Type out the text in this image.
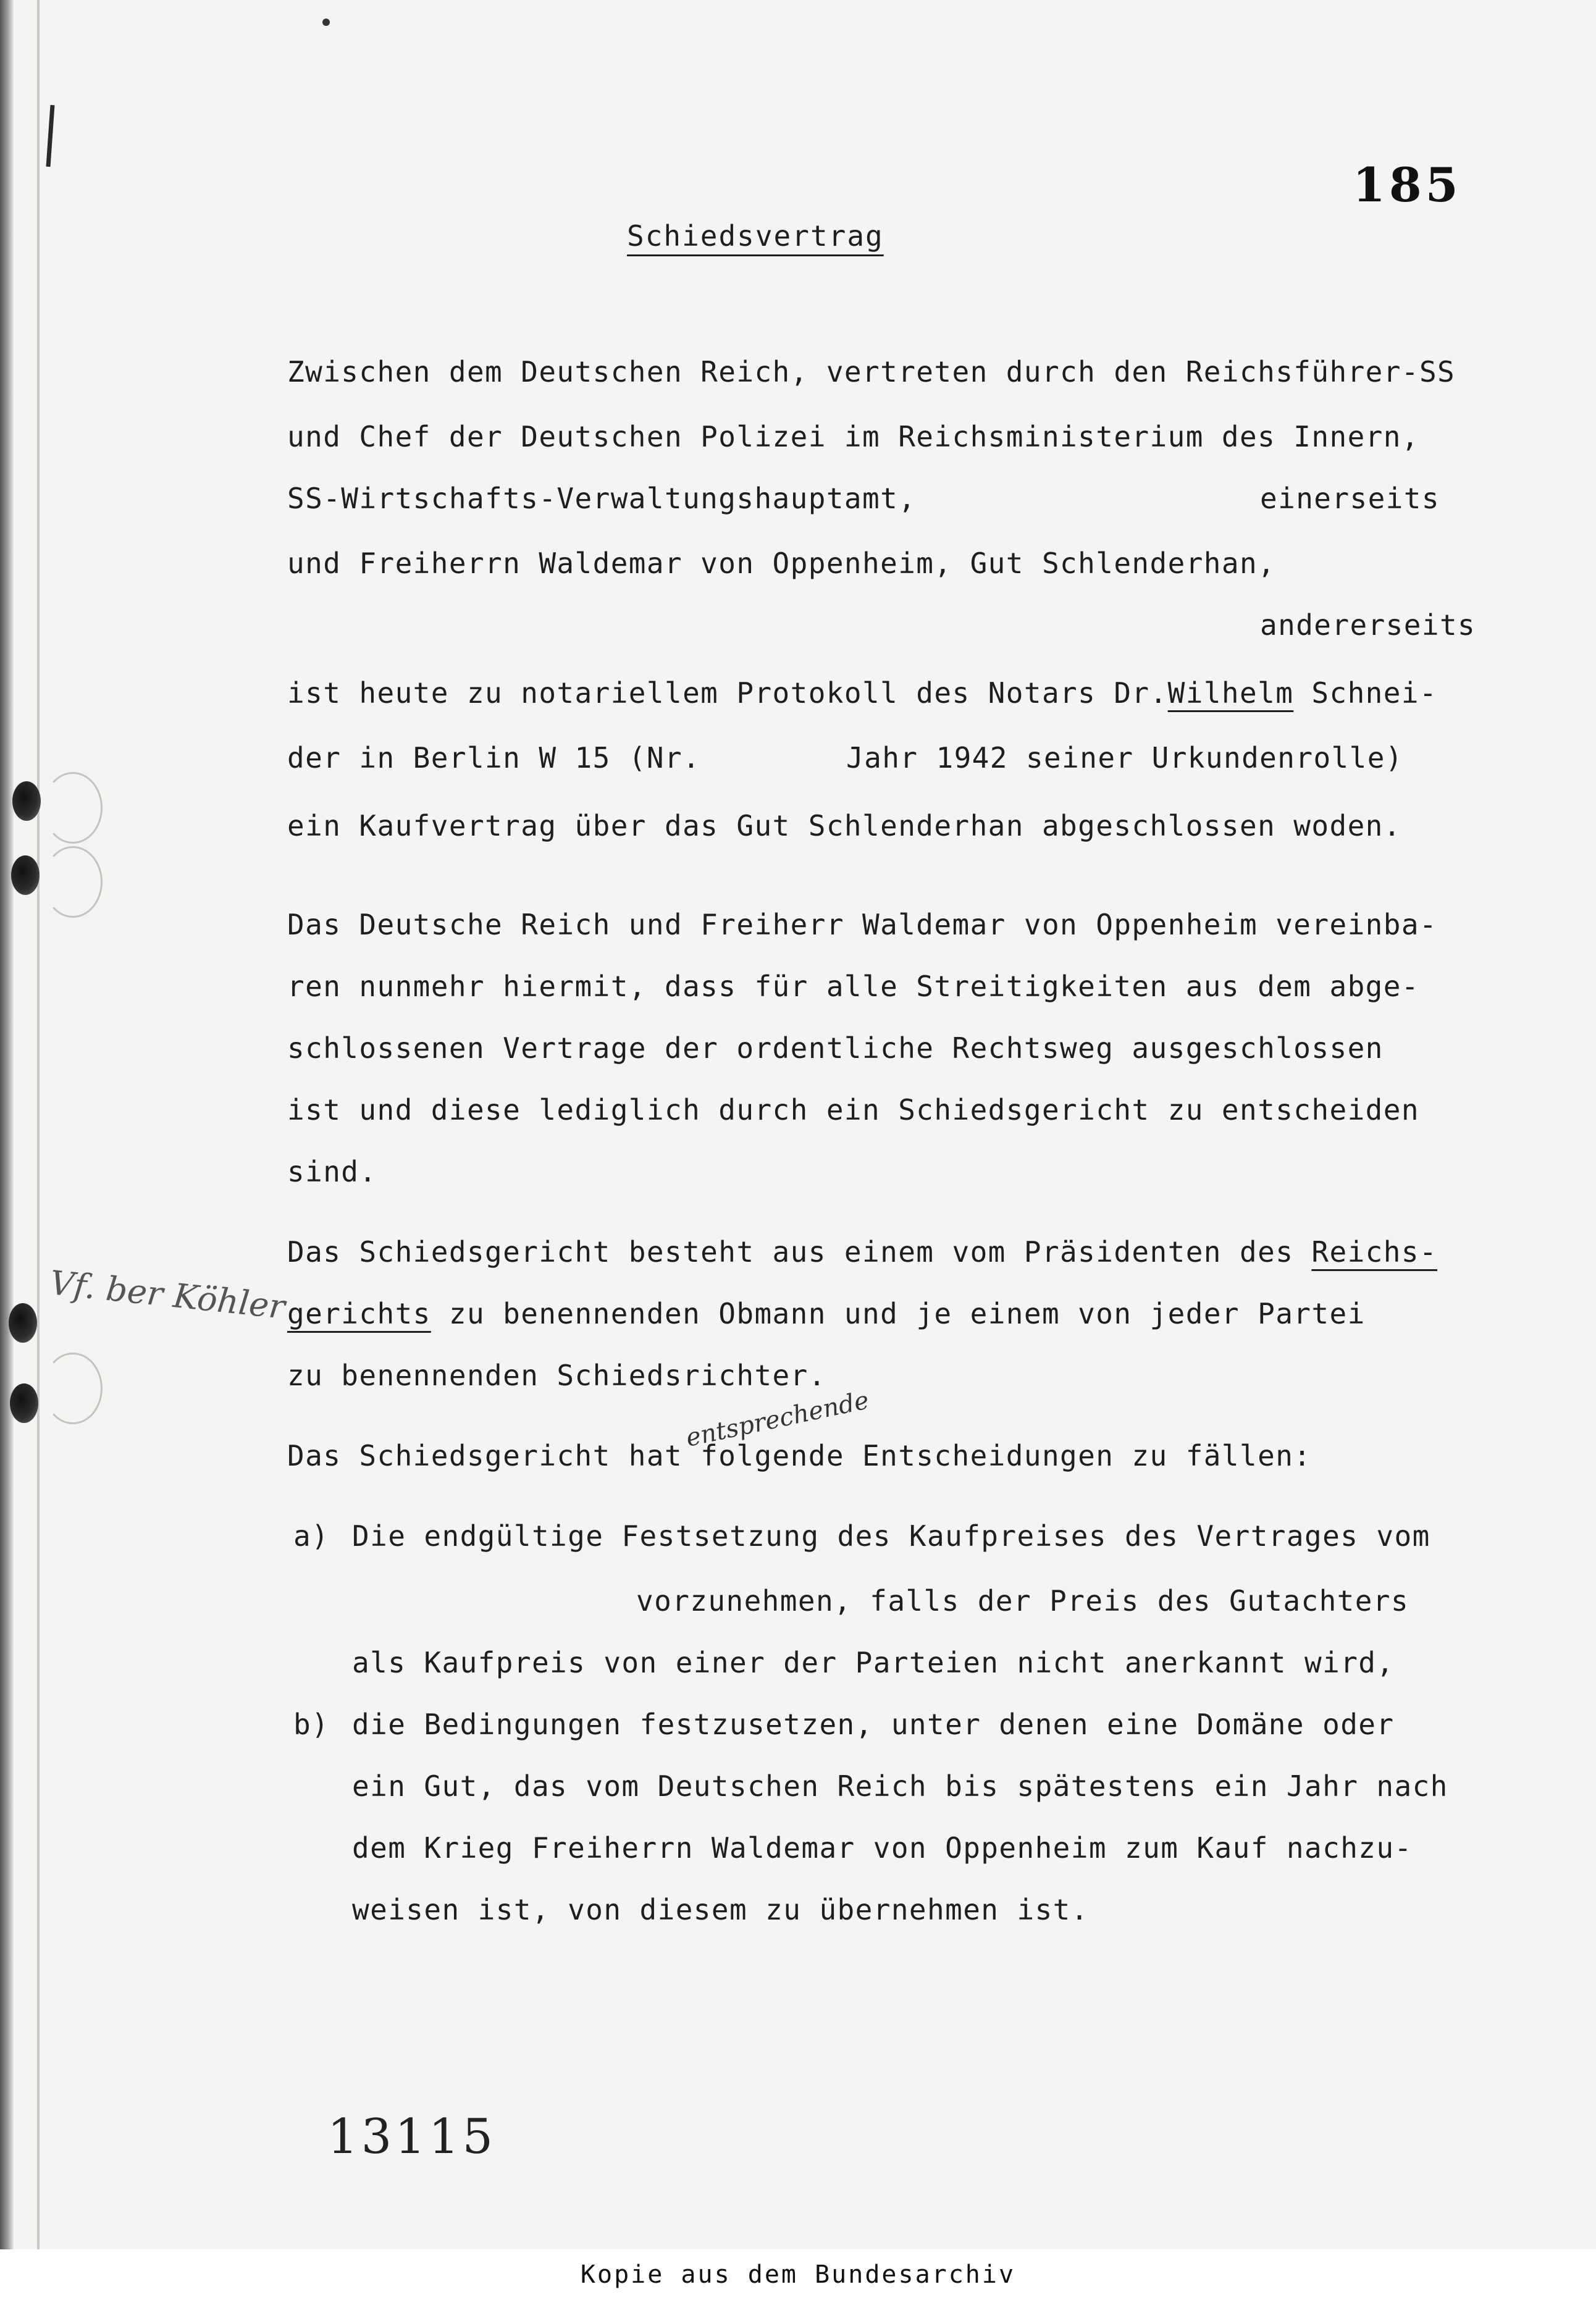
185
Schiedsvertrag
Zwischen dem Deutschen Reich, vertreten durch den Reichsführer-SS
und Chef der Deutschen Polizei im Reichsministerium des Innern,
SS-Wirtschafts-Verwaltungshauptamt,	einerseits
und Freiherrn Waldemar von Oppenheim, Gut Schlenderhan,
andererseits
ist heute zu notariellem Protokoll des Notars Dr.Wilhelm Schnei-
der in Berlin W 15 (Nr.	Jahr 1942 seiner Urkundenrolle)
ein Kaufvertrag über das Gut Schlenderhan abgeschlossen woden.
Das Deutsche Reich und Freiherr Waldemar von Oppenheim vereinba-
ren nunmehr hiermit, dass für alle Streitigkeiten aus dem abge-
schlossenen Vertrage der ordentliche Rechtsweg ausgeschlossen
ist und diese lediglich durch ein Schiedsgericht zu entscheiden
sind.
Das Schiedsgericht besteht aus einem vom Präsidenten des Reichs-
gerichts zu benennenden Obmann und je einem von jeder Partei
zu benennenden Schiedsrichter.
Vf. ber Köhler
entsprechende
Das Schiedsgericht hat folgende Entscheidungen zu fällen:
a) Die endgültige Festsetzung des Kaufpreises des Vertrages vom
vorzunehmen, falls der Preis des Gutachters
als Kaufpreis von einer der Parteien nicht anerkannt wird,
b) die Bedingungen festzusetzen, unter denen eine Domäne oder
ein Gut, das vom Deutschen Reich bis spätestens ein Jahr nach
dem Krieg Freiherrn Waldemar von Oppenheim zum Kauf nachzu-
weisen ist, von diesem zu übernehmen ist.
13115
Kopie aus dem Bundesarchiv
